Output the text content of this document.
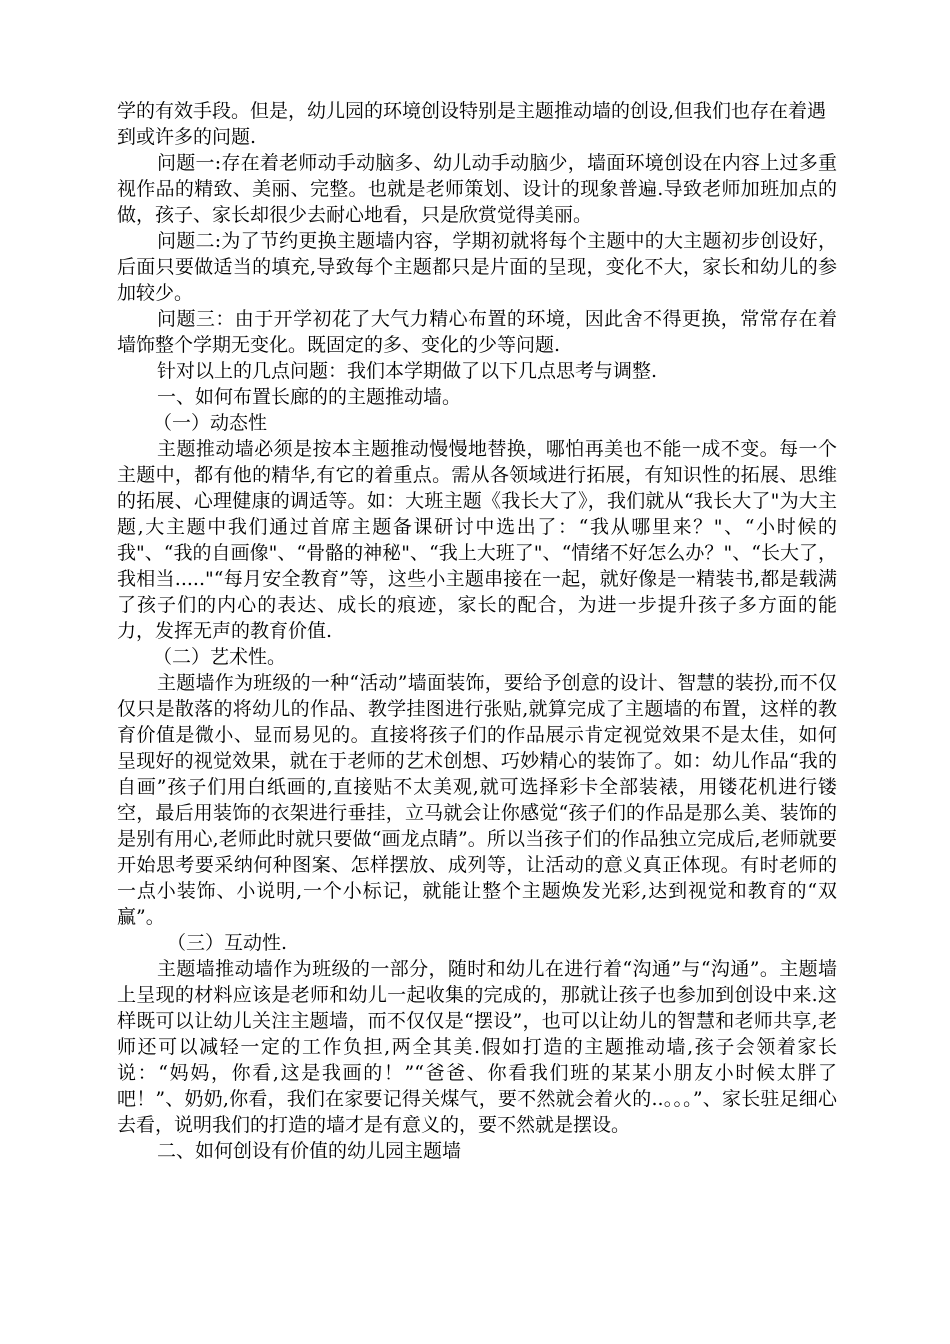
学的有效手段。但是，幼儿园的环境创设特别是主题推动墙的创设,但我们也存在着遇到或许多的问题.

问题一:存在着老师动手动脑多、幼儿动手动脑少，墙面环境创设在内容上过多重视作品的精致、美丽、完整。也就是老师策划、设计的现象普遍.导致老师加班加点的做，孩子、家长却很少去耐心地看，只是欣赏觉得美丽。

问题二:为了节约更换主题墙内容，学期初就将每个主题中的大主题初步创设好，后面只要做适当的填充,导致每个主题都只是片面的呈现，变化不大，家长和幼儿的参加较少。

问题三：由于开学初花了大气力精心布置的环境，因此舍不得更换，常常存在着墙饰整个学期无变化。既固定的多、变化的少等问题.

针对以上的几点问题：我们本学期做了以下几点思考与调整.

一、如何布置长廊的的主题推动墙。

（一）动态性

主题推动墙必须是按本主题推动慢慢地替换，哪怕再美也不能一成不变。每一个主题中，都有他的精华,有它的着重点。需从各领域进行拓展，有知识性的拓展、思维的拓展、心理健康的调适等。如：大班主题《我长大了》，我们就从“我长大了"为大主题,大主题中我们通过首席主题备课研讨中选出了：“我从哪里来？"、“小时候的我"、“我的自画像"、“骨骼的神秘"、“我上大班了"、“情绪不好怎么办？"、“长大了，我相当....."“每月安全教育”等，这些小主题串接在一起，就好像是一精装书,都是载满了孩子们的内心的表达、成长的痕迹，家长的配合，为进一步提升孩子多方面的能力，发挥无声的教育价值.

（二）艺术性。

主题墙作为班级的一种“活动”墙面装饰，要给予创意的设计、智慧的装扮,而不仅仅只是散落的将幼儿的作品、教学挂图进行张贴,就算完成了主题墙的布置，这样的教育价值是微小、显而易见的。直接将孩子们的作品展示肯定视觉效果不是太佳，如何呈现好的视觉效果，就在于老师的艺术创想、巧妙精心的装饰了。如：幼儿作品“我的自画”孩子们用白纸画的,直接贴不太美观,就可选择彩卡全部装裱，用镂花机进行镂空，最后用装饰的衣架进行垂挂，立马就会让你感觉“孩子们的作品是那么美、装饰的是别有用心,老师此时就只要做“画龙点睛”。所以当孩子们的作品独立完成后,老师就要开始思考要采纳何种图案、怎样摆放、成列等，让活动的意义真正体现。有时老师的一点小装饰、小说明,一个小标记，就能让整个主题焕发光彩,达到视觉和教育的“双赢”。

（三）互动性.

主题墙推动墙作为班级的一部分，随时和幼儿在进行着“沟通”与“沟通”。主题墙上呈现的材料应该是老师和幼儿一起收集的完成的，那就让孩子也参加到创设中来.这样既可以让幼儿关注主题墙，而不仅仅是“摆设”，也可以让幼儿的智慧和老师共享,老师还可以减轻一定的工作负担,两全其美.假如打造的主题推动墙,孩子会领着家长说：“妈妈，你看,这是我画的！”“爸爸、你看我们班的某某小朋友小时候太胖了吧！”、奶奶,你看，我们在家要记得关煤气，要不然就会着火的..。。。”、家长驻足细心去看，说明我们的打造的墙才是有意义的，要不然就是摆设。

二、如何创设有价值的幼儿园主题墙
